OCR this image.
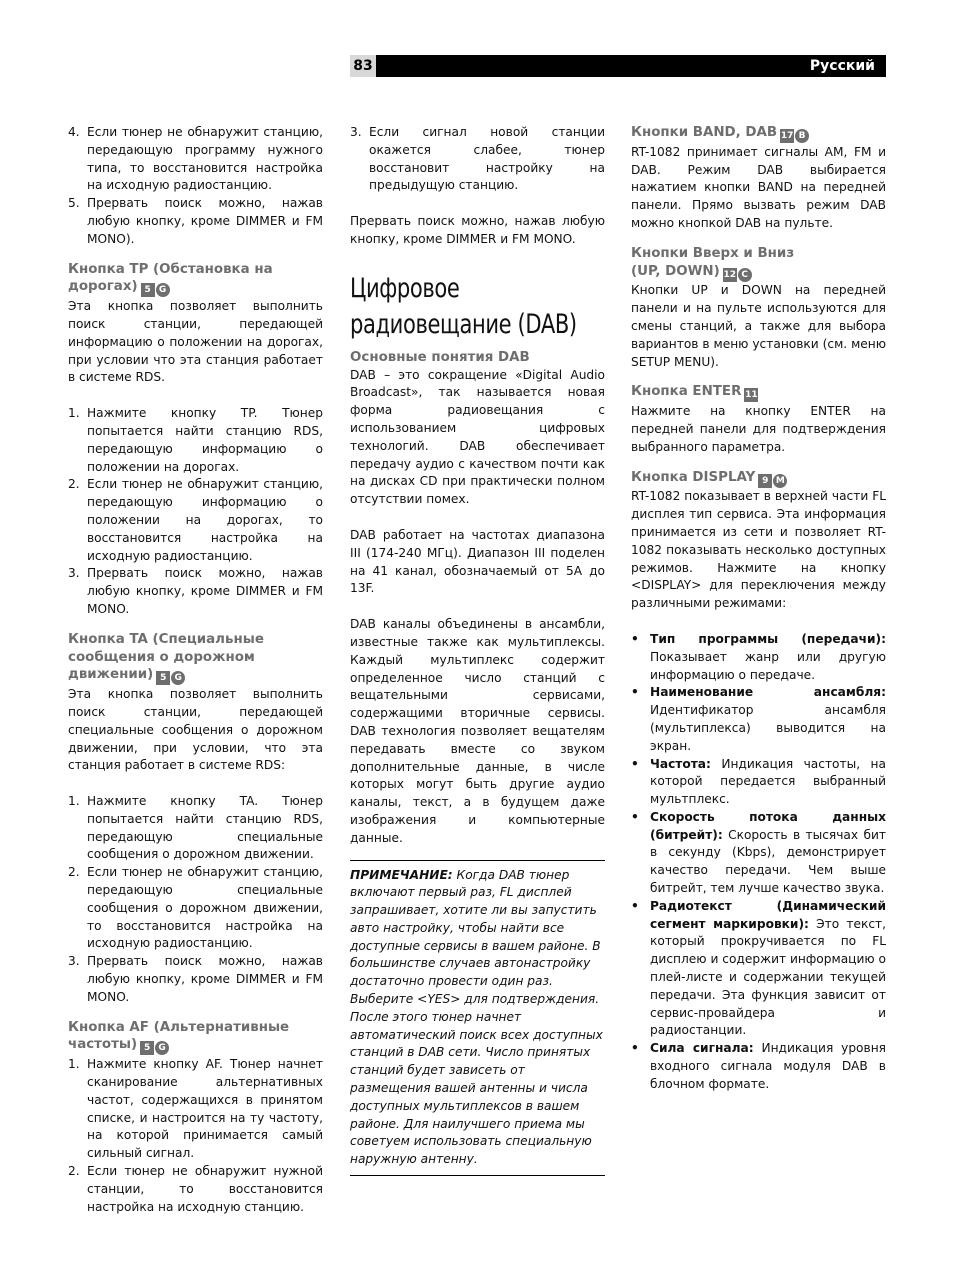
83	Русский
4. Если тюнер не обнаружит станцию, передающую программу нужного типа, то восстановится настройка на исходную радиостанцию.
5. Прервать поиск можно, нажав любую кнопку, кроме DIMMER и FM MONO).
Кнопка TP (Обстановка на дорогах) 5 G

Эта кнопка позволяет выполнить поиск станции, передающей информацию о положении на дорогах, при условии что эта станция работает в системе RDS.

1. Нажмите кнопку TP. Тюнер попытается найти станцию RDS, передающую информацию о положении на дорогах.
2. Если тюнер не обнаружит станцию, передающую информацию о положении на дорогах, то восстановится настройка на исходную радиостанцию.
3. Прервать поиск можно, нажав любую кнопку, кроме DIMMER и FM MONO.
Кнопка TA (Специальные сообщения о дорожном движении) 5 G

Эта кнопка позволяет выполнить поиск станции, передающей специальные сообщения о дорожном движении, при условии, что эта станция работает в системе RDS:

1. Нажмите кнопку TA. Тюнер попытается найти станцию RDS, передающую специальные сообщения о дорожном движении.
2. Если тюнер не обнаружит станцию, передающую специальные сообщения о дорожном движении, то восстановится настройка на исходную радиостанцию.
3. Прервать поиск можно, нажав любую кнопку, кроме DIMMER и FM MONO.
Кнопка AF (Альтернативные частоты) 5 G
1. Нажмите кнопку AF. Тюнер начнет сканирование альтернативных частот, содержащихся в принятом списке, и настроится на ту частоту, на которой принимается самый сильный сигнал.
2. Если тюнер не обнаружит нужной станции, то восстановится настройка на исходную станцию.
3. Если сигнал новой станции окажется слабее, тюнер восстановит настройку на предыдущую станцию.

Прервать поиск можно, нажав любую кнопку, кроме DIMMER и FM MONO.

Цифровое
радиовещание (DAB)
Основные понятия DAB

DAB – это сокращение «Digital Audio Broadcast», так называется новая форма радиовещания с использованием цифровых технологий. DAB обеспечивает передачу аудио с качеством почти как на дисках CD при практически полном отсутствии помех.

DAB работает на частотах диапазона III (174-240 МГц). Диапазон III поделен на 41 канал, обозначаемый от 5А до 13F.

DAB каналы объединены в ансамбли, известные также как мультиплексы. Каждый мультиплекс содержит определенное число станций с вещательными сервисами, содержащими вторичные сервисы. DAB технология позволяет вещателям передавать вместе со звуком дополнительные данные, в числе которых могут быть другие аудио каналы, текст, а в будущем даже изображения и компьютерные данные.

ПРИМЕЧАНИЕ: Когда DAB тюнер включают первый раз, FL дисплей запрашивает, хотите ли вы запустить авто настройку, чтобы найти все доступные сервисы в вашем районе. В большинстве случаев автонастройку достаточно провести один раз. Выберите <YES> для подтверждения. После этого тюнер начнет автоматический поиск всех доступных станций в DAB сети. Число принятых станций будет зависеть от размещения вашей антенны и числа доступных мультиплексов в вашем районе. Для наилучшего приема мы советуем использовать специальную наружную антенну.

Кнопки BAND, DAB 17 B

RT-1082 принимает сигналы AM, FM и DAB. Режим DAB выбирается нажатием кнопки BAND на передней панели. Прямо вызвать режим DAB можно кнопкой DAB на пульте.

Кнопки Вверх и Вниз
(UP, DOWN) 12 C

Кнопки UP и DOWN на передней панели и на пульте используются для смены станций, а также для выбора вариантов в меню установки (см. меню SETUP MENU).

Кнопка ENTER 11

Нажмите на кнопку ENTER на передней панели для подтверждения выбранного параметра.

Кнопка DISPLAY 9 M

RT-1082 показывает в верхней части FL дисплея тип сервиса. Эта информация принимается из сети и позволяет RT-1082 показывать несколько доступных режимов. Нажмите на кнопку <DISPLAY> для переключения между различными режимами:

• Тип программы (передачи): Показывает жанр или другую информацию о передаче.
• Наименование ансамбля: Идентификатор ансамбля (мультиплекса) выводится на экран.
• Частота: Индикация частоты, на которой передается выбранный мультплекс.
• Скорость потока данных (битрейт): Скорость в тысячах бит в секунду (Kbps), демонстрирует качество передачи. Чем выше битрейт, тем лучше качество звука.
• Радиотекст (Динамический сегмент маркировки): Это текст, который прокручивается по FL дисплею и содержит информацию о плей-листе и содержании текущей передачи. Эта функция зависит от сервис-провайдера и радиостанции.
• Сила сигнала: Индикация уровня входного сигнала модуля DAB в блочном формате.
